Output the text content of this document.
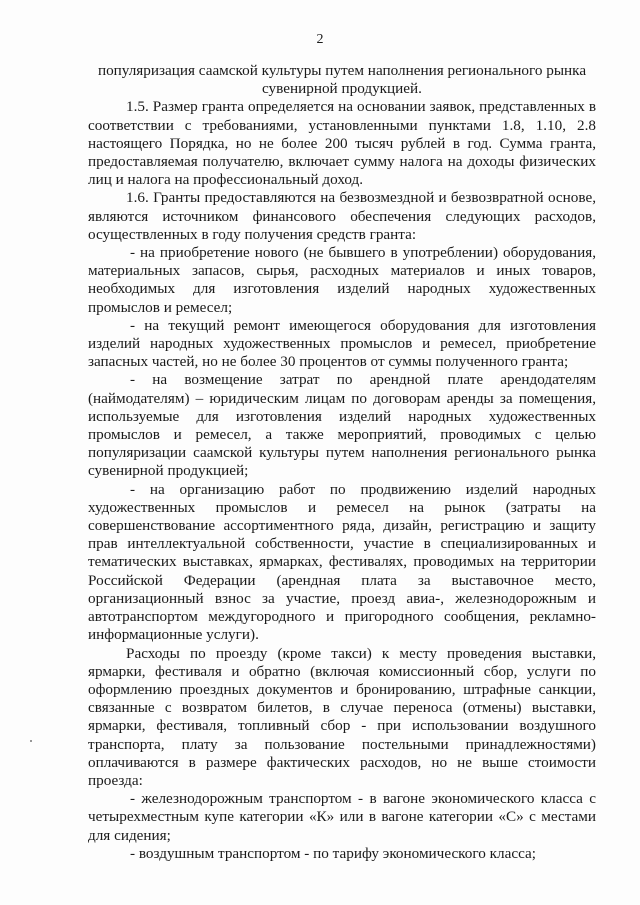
2

популяризация саамской культуры путем наполнения регионального рынка сувенирной продукцией.

1.5. Размер гранта определяется на основании заявок, представленных в соответствии с требованиями, установленными пунктами 1.8, 1.10, 2.8 настоящего Порядка, но не более 200 тысяч рублей в год. Сумма гранта, предоставляемая получателю, включает сумму налога на доходы физических лиц и налога на профессиональный доход.

1.6. Гранты предоставляются на безвозмездной и безвозвратной основе, являются источником финансового обеспечения следующих расходов, осуществленных в году получения средств гранта:

- на приобретение нового (не бывшего в употреблении) оборудования, материальных запасов, сырья, расходных материалов и иных товаров, необходимых для изготовления изделий народных художественных промыслов и ремесел;

- на текущий ремонт имеющегося оборудования для изготовления изделий народных художественных промыслов и ремесел, приобретение запасных частей, но не более 30 процентов от суммы полученного гранта;

- на возмещение затрат по арендной плате арендодателям (наймодателям) – юридическим лицам по договорам аренды за помещения, используемые для изготовления изделий народных художественных промыслов и ремесел, а также мероприятий, проводимых с целью популяризации саамской культуры путем наполнения регионального рынка сувенирной продукцией;

- на организацию работ по продвижению изделий народных художественных промыслов и ремесел на рынок (затраты на совершенствование ассортиментного ряда, дизайн, регистрацию и защиту прав интеллектуальной собственности, участие в специализированных и тематических выставках, ярмарках, фестивалях, проводимых на территории Российской Федерации (арендная плата за выставочное место, организационный взнос за участие, проезд авиа-, железнодорожным и автотранспортом междугородного и пригородного сообщения, рекламно-информационные услуги).

Расходы по проезду (кроме такси) к месту проведения выставки, ярмарки, фестиваля и обратно (включая комиссионный сбор, услуги по оформлению проездных документов и бронированию, штрафные санкции, связанные с возвратом билетов, в случае переноса (отмены) выставки, ярмарки, фестиваля, топливный сбор - при использовании воздушного транспорта, плату за пользование постельными принадлежностями) оплачиваются в размере фактических расходов, но не выше стоимости проезда:

- железнодорожным транспортом - в вагоне экономического класса с четырехместным купе категории «К» или в вагоне категории «С» с местами для сидения;

- воздушным транспортом - по тарифу экономического класса;
